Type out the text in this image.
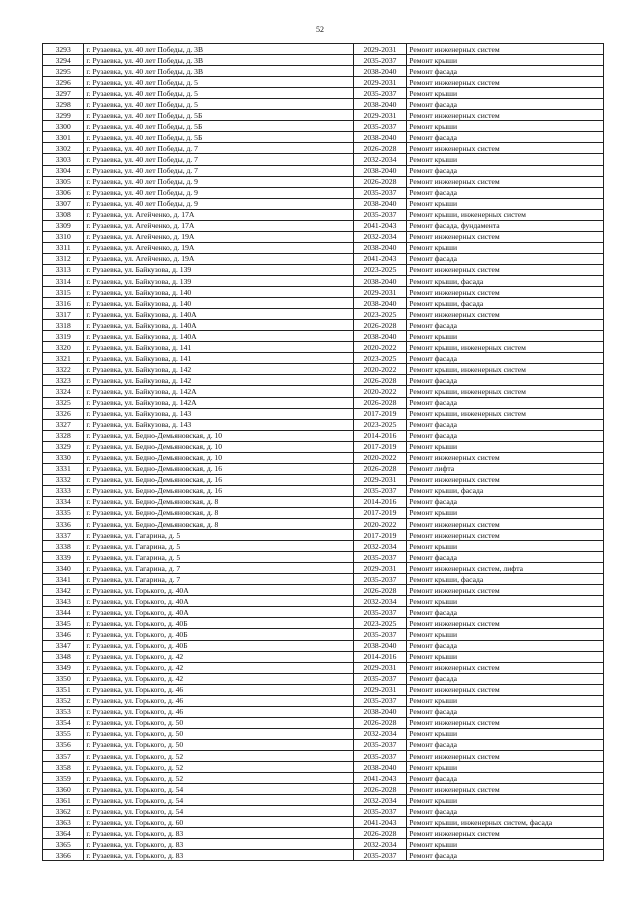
52
3293	г. Рузаевка, ул. 40 лет Победы, д. 3В	2029-2031	Ремонт инженерных систем
3294	г. Рузаевка, ул. 40 лет Победы, д. 3В	2035-2037	Ремонт крыши
3295	г. Рузаевка, ул. 40 лет Победы, д. 3В	2038-2040	Ремонт фасада
3296	г. Рузаевка, ул. 40 лет Победы, д. 5	2029-2031	Ремонт инженерных систем
3297	г. Рузаевка, ул. 40 лет Победы, д. 5	2035-2037	Ремонт крыши
3298	г. Рузаевка, ул. 40 лет Победы, д. 5	2038-2040	Ремонт фасада
3299	г. Рузаевка, ул. 40 лет Победы, д. 5Б	2029-2031	Ремонт инженерных систем
3300	г. Рузаевка, ул. 40 лет Победы, д. 5Б	2035-2037	Ремонт крыши
3301	г. Рузаевка, ул. 40 лет Победы, д. 5Б	2038-2040	Ремонт фасада
3302	г. Рузаевка, ул. 40 лет Победы, д. 7	2026-2028	Ремонт инженерных систем
3303	г. Рузаевка, ул. 40 лет Победы, д. 7	2032-2034	Ремонт крыши
3304	г. Рузаевка, ул. 40 лет Победы, д. 7	2038-2040	Ремонт фасада
3305	г. Рузаевка, ул. 40 лет Победы, д. 9	2026-2028	Ремонт инженерных систем
3306	г. Рузаевка, ул. 40 лет Победы, д. 9	2035-2037	Ремонт фасада
3307	г. Рузаевка, ул. 40 лет Победы, д. 9	2038-2040	Ремонт крыши
3308	г. Рузаевка, ул. Агейченко, д. 17А	2035-2037	Ремонт крыши, инженерных систем
3309	г. Рузаевка, ул. Агейченко, д. 17А	2041-2043	Ремонт фасада, фундамента
3310	г. Рузаевка, ул. Агейченко, д. 19А	2032-2034	Ремонт инженерных систем
3311	г. Рузаевка, ул. Агейченко, д. 19А	2038-2040	Ремонт крыши
3312	г. Рузаевка, ул. Агейченко, д. 19А	2041-2043	Ремонт фасада
3313	г. Рузаевка, ул. Байкузова, д. 139	2023-2025	Ремонт инженерных систем
3314	г. Рузаевка, ул. Байкузова, д. 139	2038-2040	Ремонт крыши, фасада
3315	г. Рузаевка, ул. Байкузова, д. 140	2029-2031	Ремонт инженерных систем
3316	г. Рузаевка, ул. Байкузова, д. 140	2038-2040	Ремонт крыши, фасада
3317	г. Рузаевка, ул. Байкузова, д. 140А	2023-2025	Ремонт инженерных систем
3318	г. Рузаевка, ул. Байкузова, д. 140А	2026-2028	Ремонт фасада
3319	г. Рузаевка, ул. Байкузова, д. 140А	2038-2040	Ремонт крыши
3320	г. Рузаевка, ул. Байкузова, д. 141	2020-2022	Ремонт крыши, инженерных систем
3321	г. Рузаевка, ул. Байкузова, д. 141	2023-2025	Ремонт фасада
3322	г. Рузаевка, ул. Байкузова, д. 142	2020-2022	Ремонт крыши, инженерных систем
3323	г. Рузаевка, ул. Байкузова, д. 142	2026-2028	Ремонт фасада
3324	г. Рузаевка, ул. Байкузова, д. 142А	2020-2022	Ремонт крыши, инженерных систем
3325	г. Рузаевка, ул. Байкузова, д. 142А	2026-2028	Ремонт фасада
3326	г. Рузаевка, ул. Байкузова, д. 143	2017-2019	Ремонт крыши, инженерных систем
3327	г. Рузаевка, ул. Байкузова, д. 143	2023-2025	Ремонт фасада
3328	г. Рузаевка, ул. Бедно-Демьяновская, д. 10	2014-2016	Ремонт фасада
3329	г. Рузаевка, ул. Бедно-Демьяновская, д. 10	2017-2019	Ремонт крыши
3330	г. Рузаевка, ул. Бедно-Демьяновская, д. 10	2020-2022	Ремонт инженерных систем
3331	г. Рузаевка, ул. Бедно-Демьяновская, д. 16	2026-2028	Ремонт лифта
3332	г. Рузаевка, ул. Бедно-Демьяновская, д. 16	2029-2031	Ремонт инженерных систем
3333	г. Рузаевка, ул. Бедно-Демьяновская, д. 16	2035-2037	Ремонт крыши, фасада
3334	г. Рузаевка, ул. Бедно-Демьяновская, д. 8	2014-2016	Ремонт фасада
3335	г. Рузаевка, ул. Бедно-Демьяновская, д. 8	2017-2019	Ремонт крыши
3336	г. Рузаевка, ул. Бедно-Демьяновская, д. 8	2020-2022	Ремонт инженерных систем
3337	г. Рузаевка, ул. Гагарина, д. 5	2017-2019	Ремонт инженерных систем
3338	г. Рузаевка, ул. Гагарина, д. 5	2032-2034	Ремонт крыши
3339	г. Рузаевка, ул. Гагарина, д. 5	2035-2037	Ремонт фасада
3340	г. Рузаевка, ул. Гагарина, д. 7	2029-2031	Ремонт инженерных систем, лифта
3341	г. Рузаевка, ул. Гагарина, д. 7	2035-2037	Ремонт крыши, фасада
3342	г. Рузаевка, ул. Горького, д. 40А	2026-2028	Ремонт инженерных систем
3343	г. Рузаевка, ул. Горького, д. 40А	2032-2034	Ремонт крыши
3344	г. Рузаевка, ул. Горького, д. 40А	2035-2037	Ремонт фасада
3345	г. Рузаевка, ул. Горького, д. 40Б	2023-2025	Ремонт инженерных систем
3346	г. Рузаевка, ул. Горького, д. 40Б	2035-2037	Ремонт крыши
3347	г. Рузаевка, ул. Горького, д. 40Б	2038-2040	Ремонт фасада
3348	г. Рузаевка, ул. Горького, д. 42	2014-2016	Ремонт крыши
3349	г. Рузаевка, ул. Горького, д. 42	2029-2031	Ремонт инженерных систем
3350	г. Рузаевка, ул. Горького, д. 42	2035-2037	Ремонт фасада
3351	г. Рузаевка, ул. Горького, д. 46	2029-2031	Ремонт инженерных систем
3352	г. Рузаевка, ул. Горького, д. 46	2035-2037	Ремонт крыши
3353	г. Рузаевка, ул. Горького, д. 46	2038-2040	Ремонт фасада
3354	г. Рузаевка, ул. Горького, д. 50	2026-2028	Ремонт инженерных систем
3355	г. Рузаевка, ул. Горького, д. 50	2032-2034	Ремонт крыши
3356	г. Рузаевка, ул. Горького, д. 50	2035-2037	Ремонт фасада
3357	г. Рузаевка, ул. Горького, д. 52	2035-2037	Ремонт инженерных систем
3358	г. Рузаевка, ул. Горького, д. 52	2038-2040	Ремонт крыши
3359	г. Рузаевка, ул. Горького, д. 52	2041-2043	Ремонт фасада
3360	г. Рузаевка, ул. Горького, д. 54	2026-2028	Ремонт инженерных систем
3361	г. Рузаевка, ул. Горького, д. 54	2032-2034	Ремонт крыши
3362	г. Рузаевка, ул. Горького, д. 54	2035-2037	Ремонт фасада
3363	г. Рузаевка, ул. Горького, д. 60	2041-2043	Ремонт крыши, инженерных систем, фасада
3364	г. Рузаевка, ул. Горького, д. 83	2026-2028	Ремонт инженерных систем
3365	г. Рузаевка, ул. Горького, д. 83	2032-2034	Ремонт крыши
3366	г. Рузаевка, ул. Горького, д. 83	2035-2037	Ремонт фасада
